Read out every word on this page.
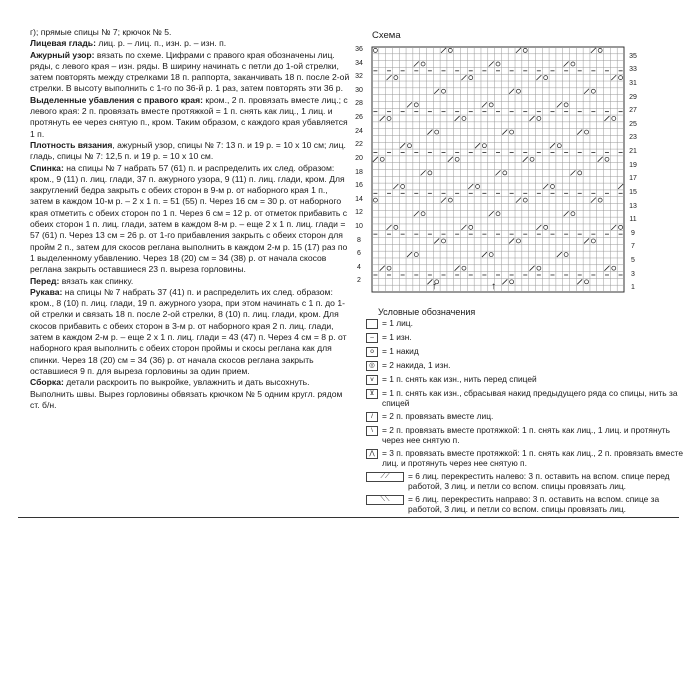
г); прямые спицы № 7; крючок № 5.

Лицевая гладь: лиц. р. – лиц. п., изн. р. – изн. п.

Ажурный узор: вязать по схеме. Цифрами с правого края обозначены лиц. ряды, с левого края – изн. ряды. В ширину начинать с петли до 1-ой стрелки, затем повторять между стрелками 18 п. раппорта, заканчивать 18 п. после 2-ой стрелки. В высоту выполнить с 1-го по 36-й р. 1 раз, затем повторять эти 36 р.

Выделенные убавления с правого края: кром., 2 п. провязать вместе лиц.; с левого края: 2 п. провязать вместе протяжкой = 1 п. снять как лиц., 1 лиц. и протянуть ее через снятую п., кром. Таким образом, с каждого края убавляется 1 п.

Плотность вязания, ажурный узор, спицы № 7: 13 п. и 19 р. = 10 х 10 см; лиц. гладь, спицы № 7: 12,5 п. и 19 р. = 10 х 10 см.

Спинка: на спицы № 7 набрать 57 (61) п. и распределить их след. образом: кром., 9 (11) п. лиц. глади, 37 п. ажурного узора, 9 (11) п. лиц. глади, кром. Для закруглений бедра закрыть с обеих сторон в 9-м р. от наборного края 1 п., затем в каждом 10-м р. – 2 х 1 п. = 51 (55) п. Через 16 см = 30 р. от наборного края отметить с обеих сторон по 1 п. Через 6 см = 12 р. от отметок прибавить с обеих сторон 1 п. лиц. глади, затем в каждом 8-м р. – еще 2 х 1 п. лиц. глади = 57 (61) п. Через 13 см = 26 р. от 1-го прибавления закрыть с обеих сторон для пройм 2 п., затем для скосов реглана выполнить в каждом 2-м р. 15 (17) раз по 1 выделенному убавлению. Через 18 (20) см = 34 (38) р. от начала скосов реглана закрыть оставшиеся 23 п. выреза горловины.

Перед: вязать как спинку.

Рукава: на спицы № 7 набрать 37 (41) п. и распределить их след. образом: кром., 8 (10) п. лиц. глади, 19 п. ажурного узора, при этом начинать с 1 п. до 1-ой стрелки и связать 18 п. после 2-ой стрелки, 8 (10) п. лиц. глади, кром. Для скосов прибавить с обеих сторон в 3-м р. от наборного края 2 п. лиц. глади, затем в каждом 2-м р. – еще 2 х 1 п. лиц. глади = 43 (47) п. Через 4 см = 8 р. от наборного края выполнить с обеих сторон проймы и скосы реглана как для спинки. Через 18 (20) см = 34 (36) р. от начала скосов реглана закрыть оставшиеся 9 п. для выреза горловины за один прием.

Сборка: детали раскроить по выкройке, увлажнить и дать высохнуть. Выполнить швы. Вырез горловины обвязать крючком № 5 одним кругл. рядом ст. б/н.

Схема
36
34
32
30
28
26
24
22
20
18
16
14
12
10
8
6
4
2
35
33
31
29
27
25
23
21
19
17
15
13
11
9
7
5
3
1
↑	↑
Условные обозначения
= 1 лиц.
– = 1 изн.
o = 1 накид
◎ = 2 накида, 1 изн.
v = 1 п. снять как изн., нить перед спицей
⊻ = 1 п. снять как изн., сбрасывая накид предыдущего ряда со спицы, нить за спицей
/	= 2 п. провязать вместе лиц.
\	= 2 п. провязать вместе протяжкой: 1 п. снять как лиц., 1 лиц. и протянуть через нее снятую п.
⋀ = 3 п. провязать вместе протяжкой: 1 п. снять как лиц., 2 п. провязать вместе лиц. и протянуть через нее снятую п.
⟋⟋	= 6 лиц. перекрестить налево: 3 п. оставить на вспом. спице перед работой, 3 лиц. и петли со вспом. спицы провязать лиц.
⟍⟍	= 6 лиц. перекрестить направо: 3 п. оставить на вспом. спице за работой, 3 лиц. и петли со вспом. спицы провязать лиц.
